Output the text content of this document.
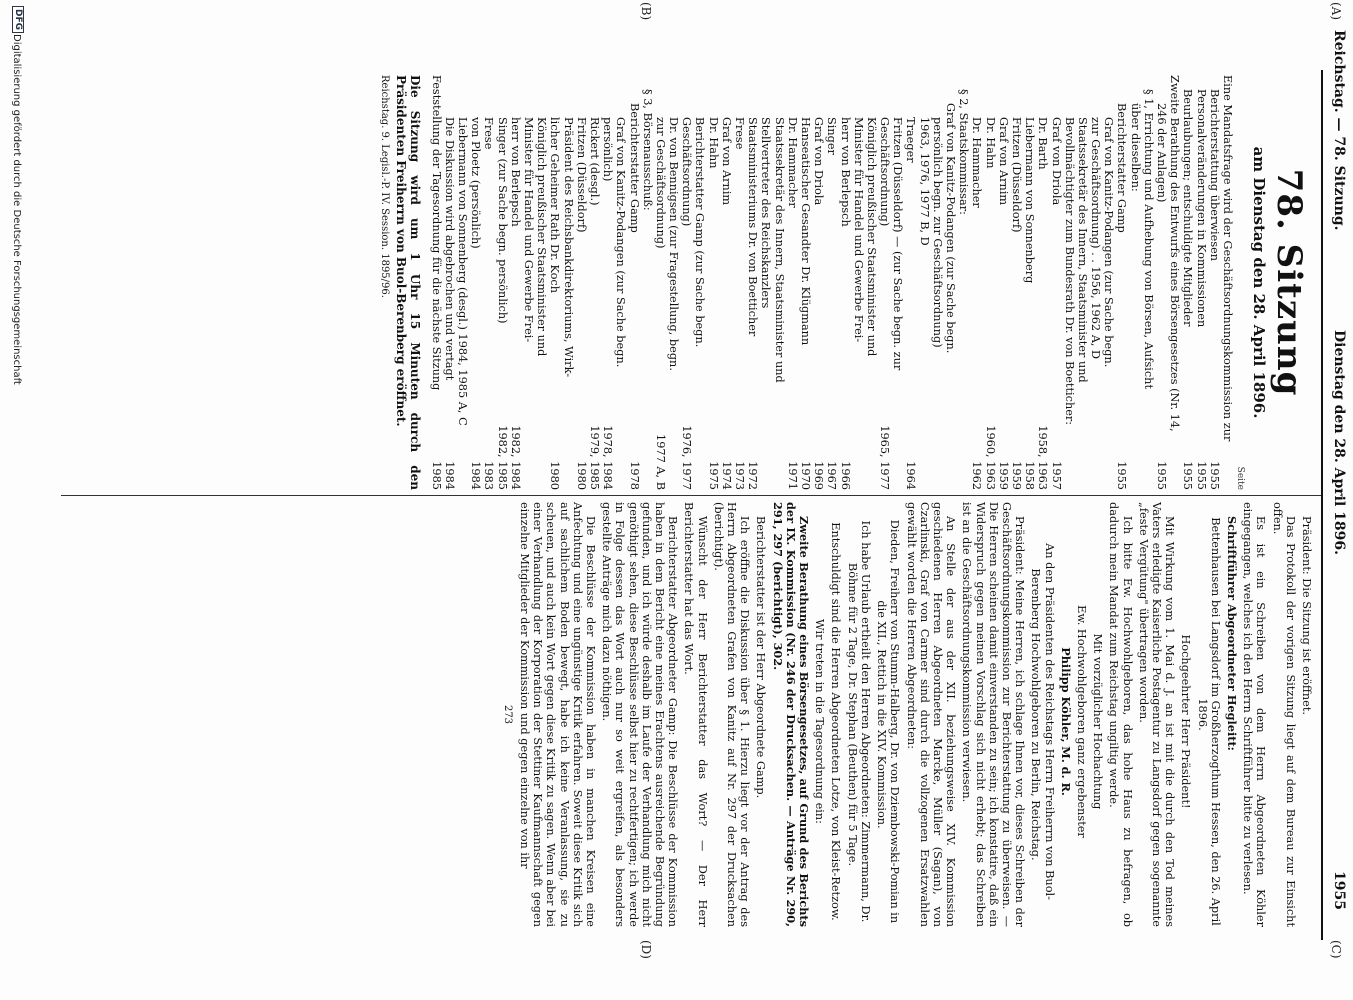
Reichstag. — 78. Sitzung.
Dienstag den 28. April 1896.
1955
(A)
(B)
(C)
(D)
78. Sitzung
am Dienstag den 28. April 1896.
Seite
Eine Mandatsfrage wird der Geschäftsordnungskommission zur
Berichterstattung überwiesen
1955
Personalveränderungen in Kommissionen
1955
Beurlaubungen; entschuldigte Mitglieder
1955
Zweite Berathung des Entwurfs eines Börsengesetzes (Nr. 14,
246 der Anlagen)
1955
§ 1, Errichtung und Aufhebung von Börsen, Aufsicht
über dieselben:
Berichterstatter Gamp
1955
Graf von Kanitz-Podangen (zur Sache begn.
zur Geschäftsordnung) . . 1956, 1962 A, D
Staatssekretär des Innern, Staatsminister und
Bevollmächtigter zum Bundesrath Dr. von Boetticher:
Graf von Driola
1957
Dr. Barth
1958, 1963
Liebermann von Sonnenberg
1958
Fritzen (Düsseldorf)
1959
Graf von Arnim
1959
Dr. Hahn
1960, 1963
Dr. Hammacher
1962
§ 2, Staatskommissar:
Graf von Kanitz-Podangen (zur Sache begn.
persönlich begn. zur Geschäftsordnung)
1963, 1976, 1977 B, D
Traeger
1964
Fritzen (Düsseldorf) — (zur Sache begn. zur
Geschäftsordnung)
1965, 1977
Königlich preußischer Staatsminister und
Minister für Handel und Gewerbe Frei-
herr von Berlepsch
1966
Singer
1967
Graf von Driola
1969
Hanseatischer Gesandter Dr. Klügmann
1970
Dr. Hammacher
1971
Staatssekretär des Innern, Staatsminister und
Stellvertreter des Reichskanzlers
Staatsministeriums Dr. von Boetticher
1972
Frese
1973
Graf von Arnim
1974
Dr. Hahn
1975
Berichterstatter Gamp (zur Sache begn.
Geschäftsordnung)
1976, 1977
Dr. von Bennigsen (zur Fragestellung, begn.
zur Geschäftsordnung)
1977 A, B
§ 3, Börsenausschuß:
Berichterstatter Gamp
1978
Graf von Kanitz-Podangen (zur Sache begn.
persönlich)
1978, 1984
Rickert (desgl.)
1979, 1985
Fritzen (Düsseldorf)
1980
Präsident des Reichsbankdirektoriums, Wirk-
licher Geheimer Rath Dr. Koch
1980
Königlich preußischer Staatsminister und
Minister für Handel und Gewerbe Frei-
herr von Berlepsch
1982, 1984
Singer (zur Sache begn. persönlich)
1982, 1985
Frese
1983
von Ploetz (persönlich)
1984
Liebermann von Sonnenberg (desgl.) 1984, 1985 A, C
Die Diskussion wird abgebrochen und vertagt
1984
Feststellung der Tagesordnung für die nächste Sitzung
1985
Die Sitzung wird um 1 Uhr 15 Minuten durch den Präsidenten Freiherrn von Buol-Berenberg eröffnet.
Reichstag. 9. Legisl.-P. IV. Session. 1895/96.

Präsident: Die Sitzung ist eröffnet.

Das Protokoll der vorigen Sitzung liegt auf dem Bureau zur Einsicht offen.

Es ist ein Schreiben von dem Herrn Abgeordneten Köhler eingegangen, welches ich den Herrn Schriftführer bitte zu verlesen.

Schriftführer Abgeordneter Hegleitt:

Bettenhausen bei Langsdorf im Großherzogthum Hessen, den 26. April 1896.

Hochgeehrter Herr Präsident!

Mit Wirkung vom 1. Mai d. J. an ist mit die durch den Tod meines Vaters erledigte Kaiserliche Postagentur zu Langsdorf gegen sogenannte „feste Vergütung" übertragen worden.

Ich bitte Ew. Hochwohlgeboren, das hohe Haus zu befragen, ob dadurch mein Mandat zum Reichstag ungiltig werde.

Mit vorzüglicher Hochachtung

Ew. Hochwohlgeboren ganz ergebenster

Philipp Köhler, M. d. R.

An den Präsidenten des Reichstags Herrn Freiherrn von Buol-Berenberg Hochwohlgeboren zu Berlin, Reichstag.

Präsident: Meine Herren, ich schlage Ihnen vor, dieses Schreiben der Geschäftsordnungskommission zur Berichterstattung zu überweisen. — Die Herren scheinen damit einverstanden zu sein; ich konstatire, daß ein Widerspruch gegen meinen Vorschlag sich nicht erhebt; das Schreiben ist an die Geschäftsordnungskommission verwiesen.

An Stelle der aus der XII. beziehungsweise XIV. Kommission geschiedenen Herren Abgeordneten Marcke, Müller (Sagan), von Czarlinski, Graf von Carmer sind durch die vollzogenen Ersatzwahlen gewählt worden die Herren Abgeordneten:

Dieden, Freiherr von Stumm-Halberg, Dr. von Dziembowski-Pomian in die XII., Rettich in die XIV. Kommission.

Ich habe Urlaub ertheilt den Herren Abgeordneten: Zimmermann, Dr. Böhme für 2 Tage, Dr. Stephan (Beuthen) für 5 Tage.

Entschuldigt sind die Herren Abgeordneten Lotze, von Kleist-Retzow.

Wir treten in die Tagesordnung ein:

Zweite Berathung eines Börsengesetzes, auf Grund des Berichts der IX. Kommission (Nr. 246 der Drucksachen. — Anträge Nr. 290, 291, 297 (berichtigt), 302.

Berichterstatter ist der Herr Abgeordnete Gamp.

Ich eröffne die Diskussion über § 1. Hierzu liegt vor der Antrag des Herrn Abgeordneten Grafen von Kanitz auf Nr. 297 der Drucksachen (berichtigt).

Wünscht der Herr Berichterstatter das Wort? — Der Herr Berichterstatter hat das Wort.

Berichterstatter Abgeordneter Gamp: Die Beschlüsse der Kommission haben in dem Bericht eine meines Erachtens ausreichende Begründung gefunden, und ich würde deshalb im Laufe der Verhandlung mich nicht genöthigt sehen, diese Beschlüsse selbst hier zu rechtfertigen; ich werde in Folge dessen das Wort auch nur so weit ergreifen, als besonders gestellte Anträge mich dazu nöthigen.

Die Beschlüsse der Kommission haben in manchen Kreisen eine Anfechtung und eine ungünstige Kritik erfahren. Soweit diese Kritik sich auf sachlichem Boden bewegt, habe ich keine Veranlassung, sie zu scheuen, und auch kein Wort gegen diese Kritik zu sagen. Wenn aber bei einer Verhandlung der Korporation der Stettiner Kaufmannschaft gegen einzelne Mitglieder der Kommission und gegen einzelne von ihr

273
DFG
Digitalisierung gefördert durch die Deutsche Forschungsgemeinschaft
